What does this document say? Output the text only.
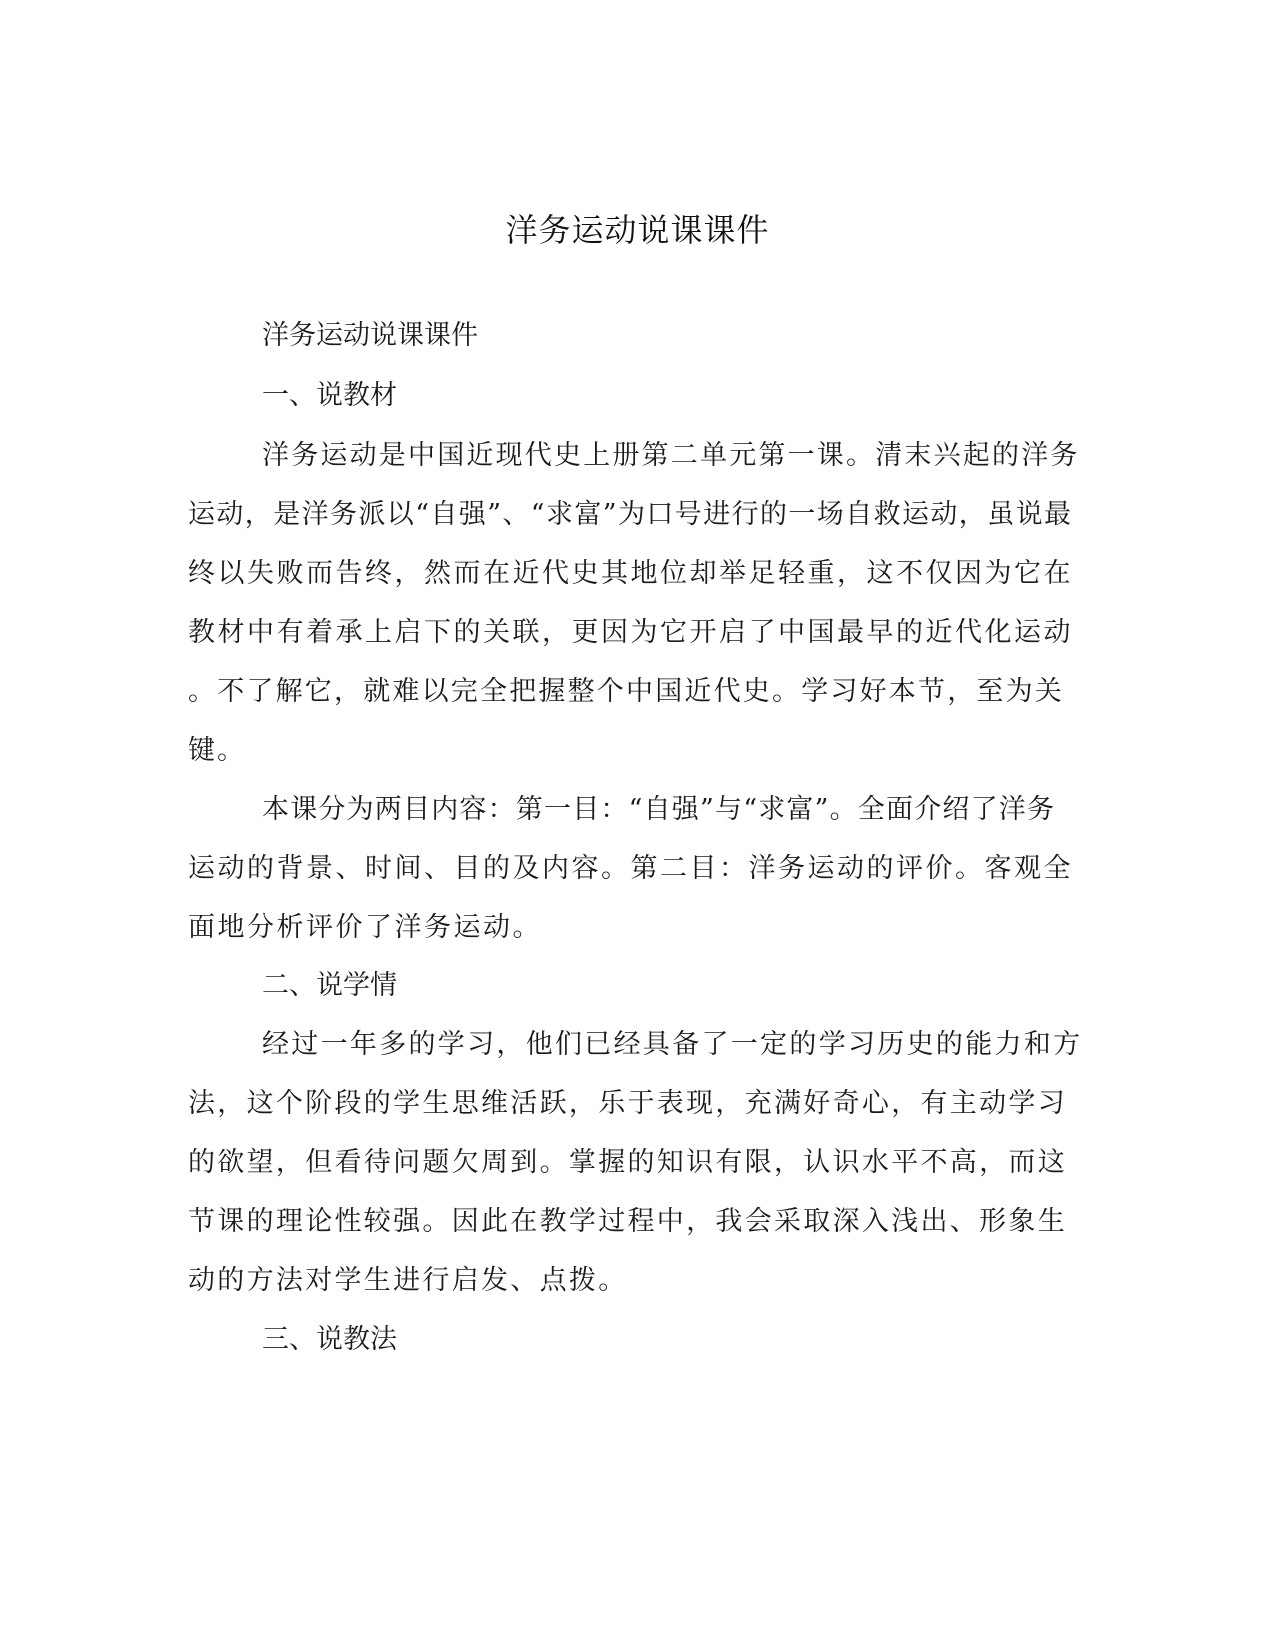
洋务运动说课课件
洋务运动说课课件
一、说教材
洋务运动是中国近现代史上册第二单元第一课。清末兴起的洋务
运动，是洋务派以“自强”、“求富”为口号进行的一场自救运动，虽说最
终以失败而告终，然而在近代史其地位却举足轻重，这不仅因为它在
教材中有着承上启下的关联，更因为它开启了中国最早的近代化运动
。不了解它，就难以完全把握整个中国近代史。学习好本节，至为关
键。
本课分为两目内容：第一目：“自强”与“求富”。全面介绍了洋务
运动的背景、时间、目的及内容。第二目：洋务运动的评价。客观全
面地分析评价了洋务运动。
二、说学情
经过一年多的学习，他们已经具备了一定的学习历史的能力和方
法，这个阶段的学生思维活跃，乐于表现，充满好奇心，有主动学习
的欲望，但看待问题欠周到。掌握的知识有限，认识水平不高，而这
节课的理论性较强。因此在教学过程中，我会采取深入浅出、形象生
动的方法对学生进行启发、点拨。
三、说教法
